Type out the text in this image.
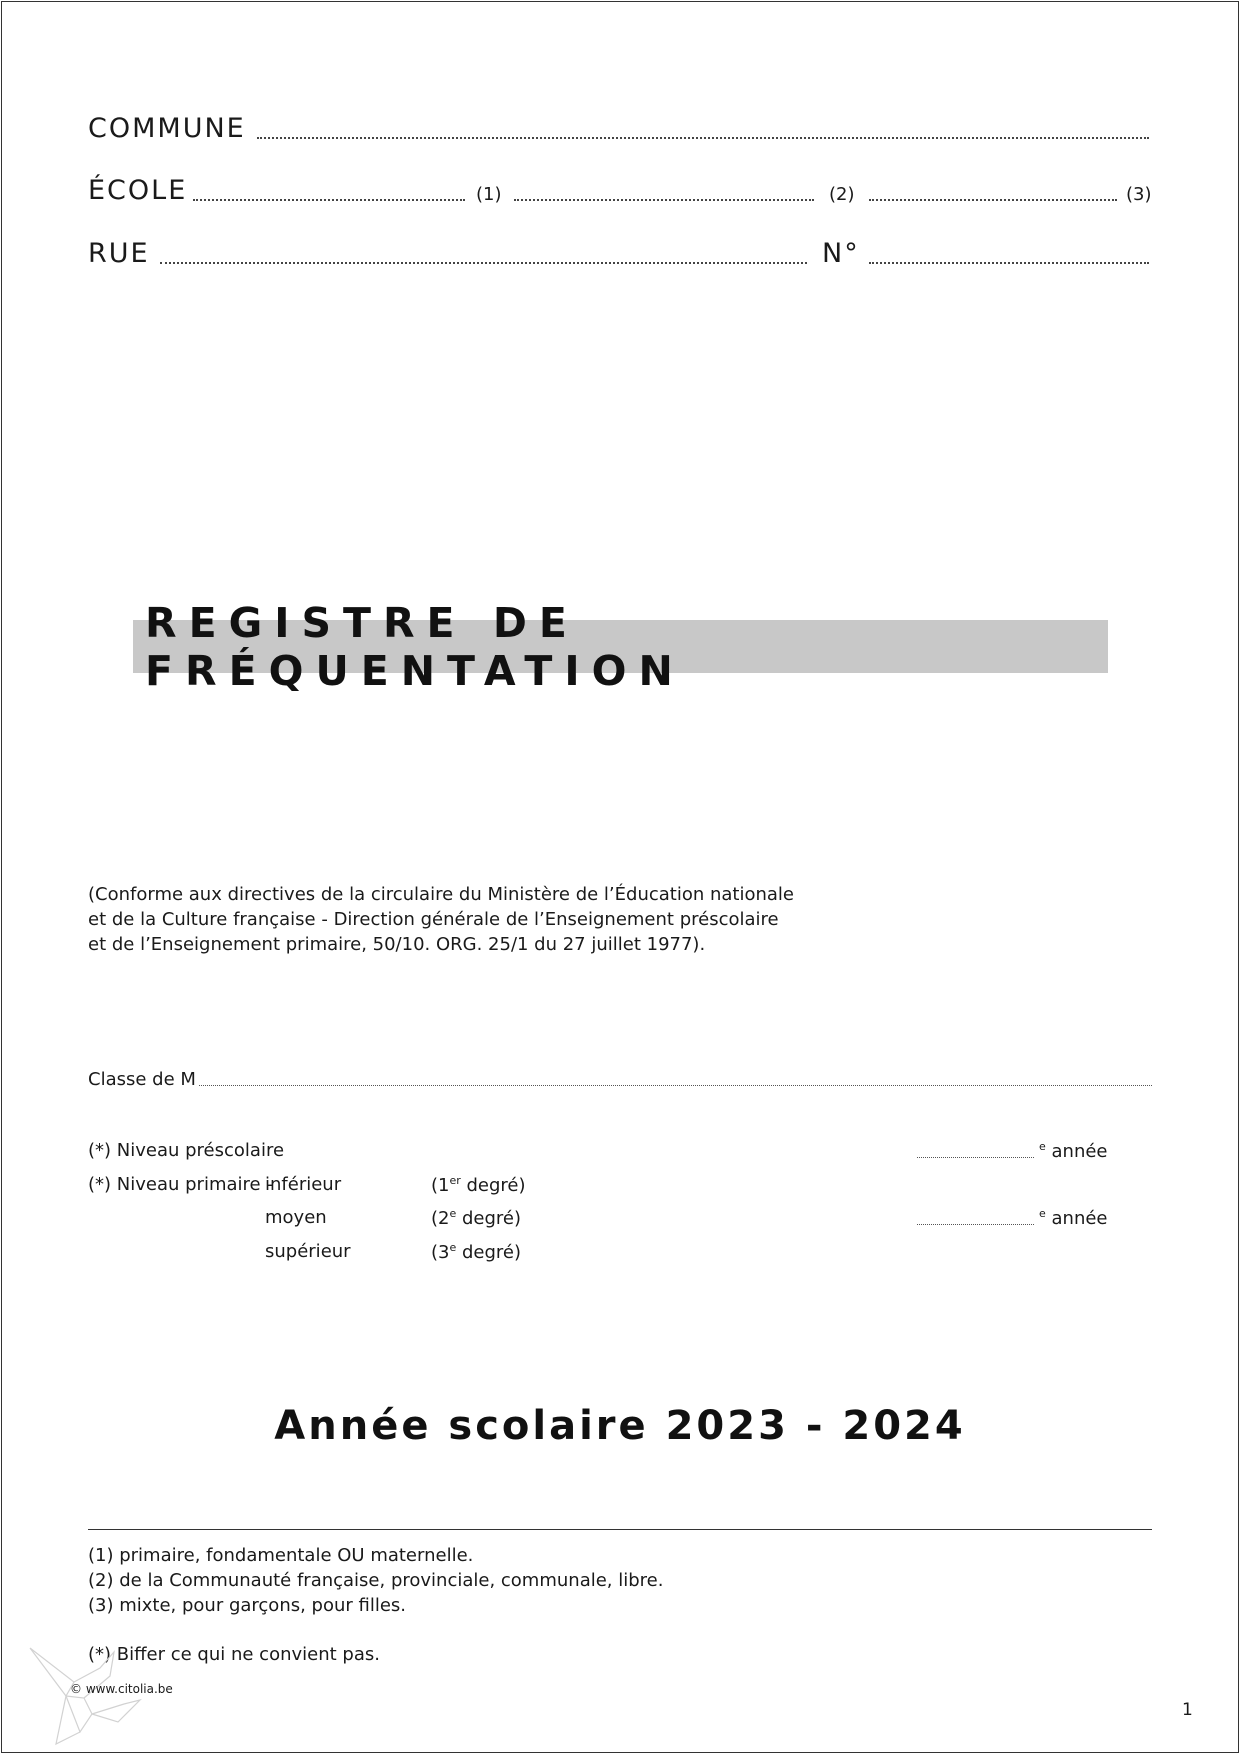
COMMUNE
ÉCOLE	(1)	(2)	(3)
RUE	N°
REGISTRE DE FRÉQUENTATION
(Conforme aux directives de la circulaire du Ministère de l’Éducation nationale
et de la Culture française - Direction générale de l’Enseignement préscolaire
et de l’Enseignement primaire, 50/10. ORG. 25/1 du 27 juillet 1977).
Classe de M
(*) Niveau préscolaire	$^e$ année
(*) Niveau primaire -
inférieur	(1er degré)
moyen	(2e degré)	$^e$ année
supérieur	(3e degré)
Année scolaire 2023 - 2024
(1) primaire, fondamentale OU maternelle.
(2) de la Communauté française, provinciale, communale, libre.
(3) mixte, pour garçons, pour filles.
(*) Biffer ce qui ne convient pas.
© www.citolia.be
1
